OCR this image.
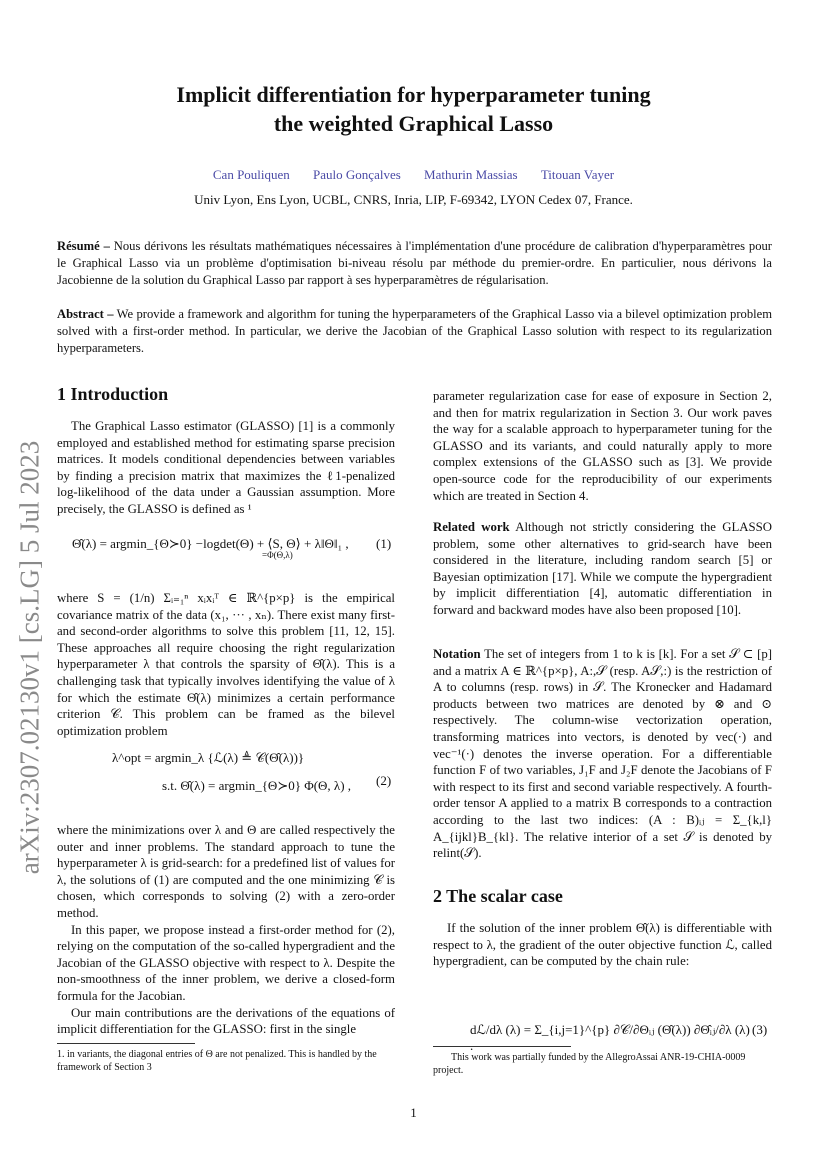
Implicit differentiation for hyperparameter tuning
the weighted Graphical Lasso
Can Pouliquen Paulo Gonçalves Mathurin Massias Titouan Vayer
Univ Lyon, Ens Lyon, UCBL, CNRS, Inria, LIP, F-69342, LYON Cedex 07, France.
Résumé – Nous dérivons les résultats mathématiques nécessaires à l'implémentation d'une procédure de calibration d'hyperparamètres pour le Graphical Lasso via un problème d'optimisation bi-niveau résolu par méthode du premier-ordre. En particulier, nous dérivons la Jacobienne de la solution du Graphical Lasso par rapport à ses hyperparamètres de régularisation.
Abstract – We provide a framework and algorithm for tuning the hyperparameters of the Graphical Lasso via a bilevel optimization problem solved with a first-order method. In particular, we derive the Jacobian of the Graphical Lasso solution with respect to its regularization hyperparameters.
arXiv:2307.02130v1 [cs.LG] 5 Jul 2023
1 Introduction

The Graphical Lasso estimator (GLASSO) [1] is a commonly employed and established method for estimating sparse precision matrices. It models conditional dependencies between variables by finding a precision matrix that maximizes the ℓ1-penalized log-likelihood of the data under a Gaussian assumption. More precisely, the GLASSO is defined as ¹

Θ̂(λ) = argmin_{Θ≻0} −logdet(Θ) + ⟨S, Θ⟩ + λ‖Θ‖₁ ,
=Φ(Θ,λ)
(1)

where S = (1/n) Σᵢ₌₁ⁿ xᵢxᵢᵀ ∈ ℝ^{p×p} is the empirical covariance matrix of the data (x₁, ··· , xₙ). There exist many first- and second-order algorithms to solve this problem [11, 12, 15]. These approaches all require choosing the right regularization hyperparameter λ that controls the sparsity of Θ̂(λ). This is a challenging task that typically involves identifying the value of λ for which the estimate Θ̂(λ) minimizes a certain performance criterion 𝒞. This problem can be framed as the bilevel optimization problem

λ^opt = argmin_λ {ℒ(λ) ≜ 𝒞(Θ̂(λ))}
s.t. Θ̂(λ) = argmin_{Θ≻0} Φ(Θ, λ) ,	(2)

where the minimizations over λ and Θ are called respectively the outer and inner problems. The standard approach to tune the hyperparameter λ is grid-search: for a predefined list of values for λ, the solutions of (1) are computed and the one minimizing 𝒞 is chosen, which corresponds to solving (2) with a zero-order method.

In this paper, we propose instead a first-order method for (2), relying on the computation of the so-called hypergradient and the Jacobian of the GLASSO objective with respect to λ. Despite the non-smoothness of the inner problem, we derive a closed-form formula for the Jacobian.

Our main contributions are the derivations of the equations of implicit differentiation for the GLASSO: first in the single

1. in variants, the diagonal entries of Θ are not penalized. This is handled by the framework of Section 3

parameter regularization case for ease of exposure in Section 2, and then for matrix regularization in Section 3. Our work paves the way for a scalable approach to hyperparameter tuning for the GLASSO and its variants, and could naturally apply to more complex extensions of the GLASSO such as [3]. We provide open-source code for the reproducibility of our experiments which are treated in Section 4.

Related work Although not strictly considering the GLASSO problem, some other alternatives to grid-search have been considered in the literature, including random search [5] or Bayesian optimization [17]. While we compute the hypergradient by implicit differentiation [4], automatic differentiation in forward and backward modes have also been proposed [10].

Notation The set of integers from 1 to k is [k]. For a set 𝒮 ⊂ [p] and a matrix A ∈ ℝ^{p×p}, A:,𝒮 (resp. A𝒮,:) is the restriction of A to columns (resp. rows) in 𝒮. The Kronecker and Hadamard products between two matrices are denoted by ⊗ and ⊙ respectively. The column-wise vectorization operation, transforming matrices into vectors, is denoted by vec(·) and vec⁻¹(·) denotes the inverse operation. For a differentiable function F of two variables, J₁F and J₂F denote the Jacobians of F with respect to its first and second variable respectively. A fourth-order tensor A applied to a matrix B corresponds to a contraction according to the last two indices: (A : B)ᵢⱼ = Σ_{k,l} A_{ijkl}B_{kl}. The relative interior of a set 𝒮 is denoted by relint(𝒮).

2 The scalar case

If the solution of the inner problem Θ̂(λ) is differentiable with respect to λ, the gradient of the outer objective function ℒ, called hypergradient, can be computed by the chain rule:

dℒ/dλ (λ) = Σ_{i,j=1}^{p} ∂𝒞/∂Θᵢⱼ (Θ̂(λ)) ∂Θ̂ᵢⱼ/∂λ (λ) (3)
This work was partially funded by the AllegroAssai ANR-19-CHIA-0009 project.
1
